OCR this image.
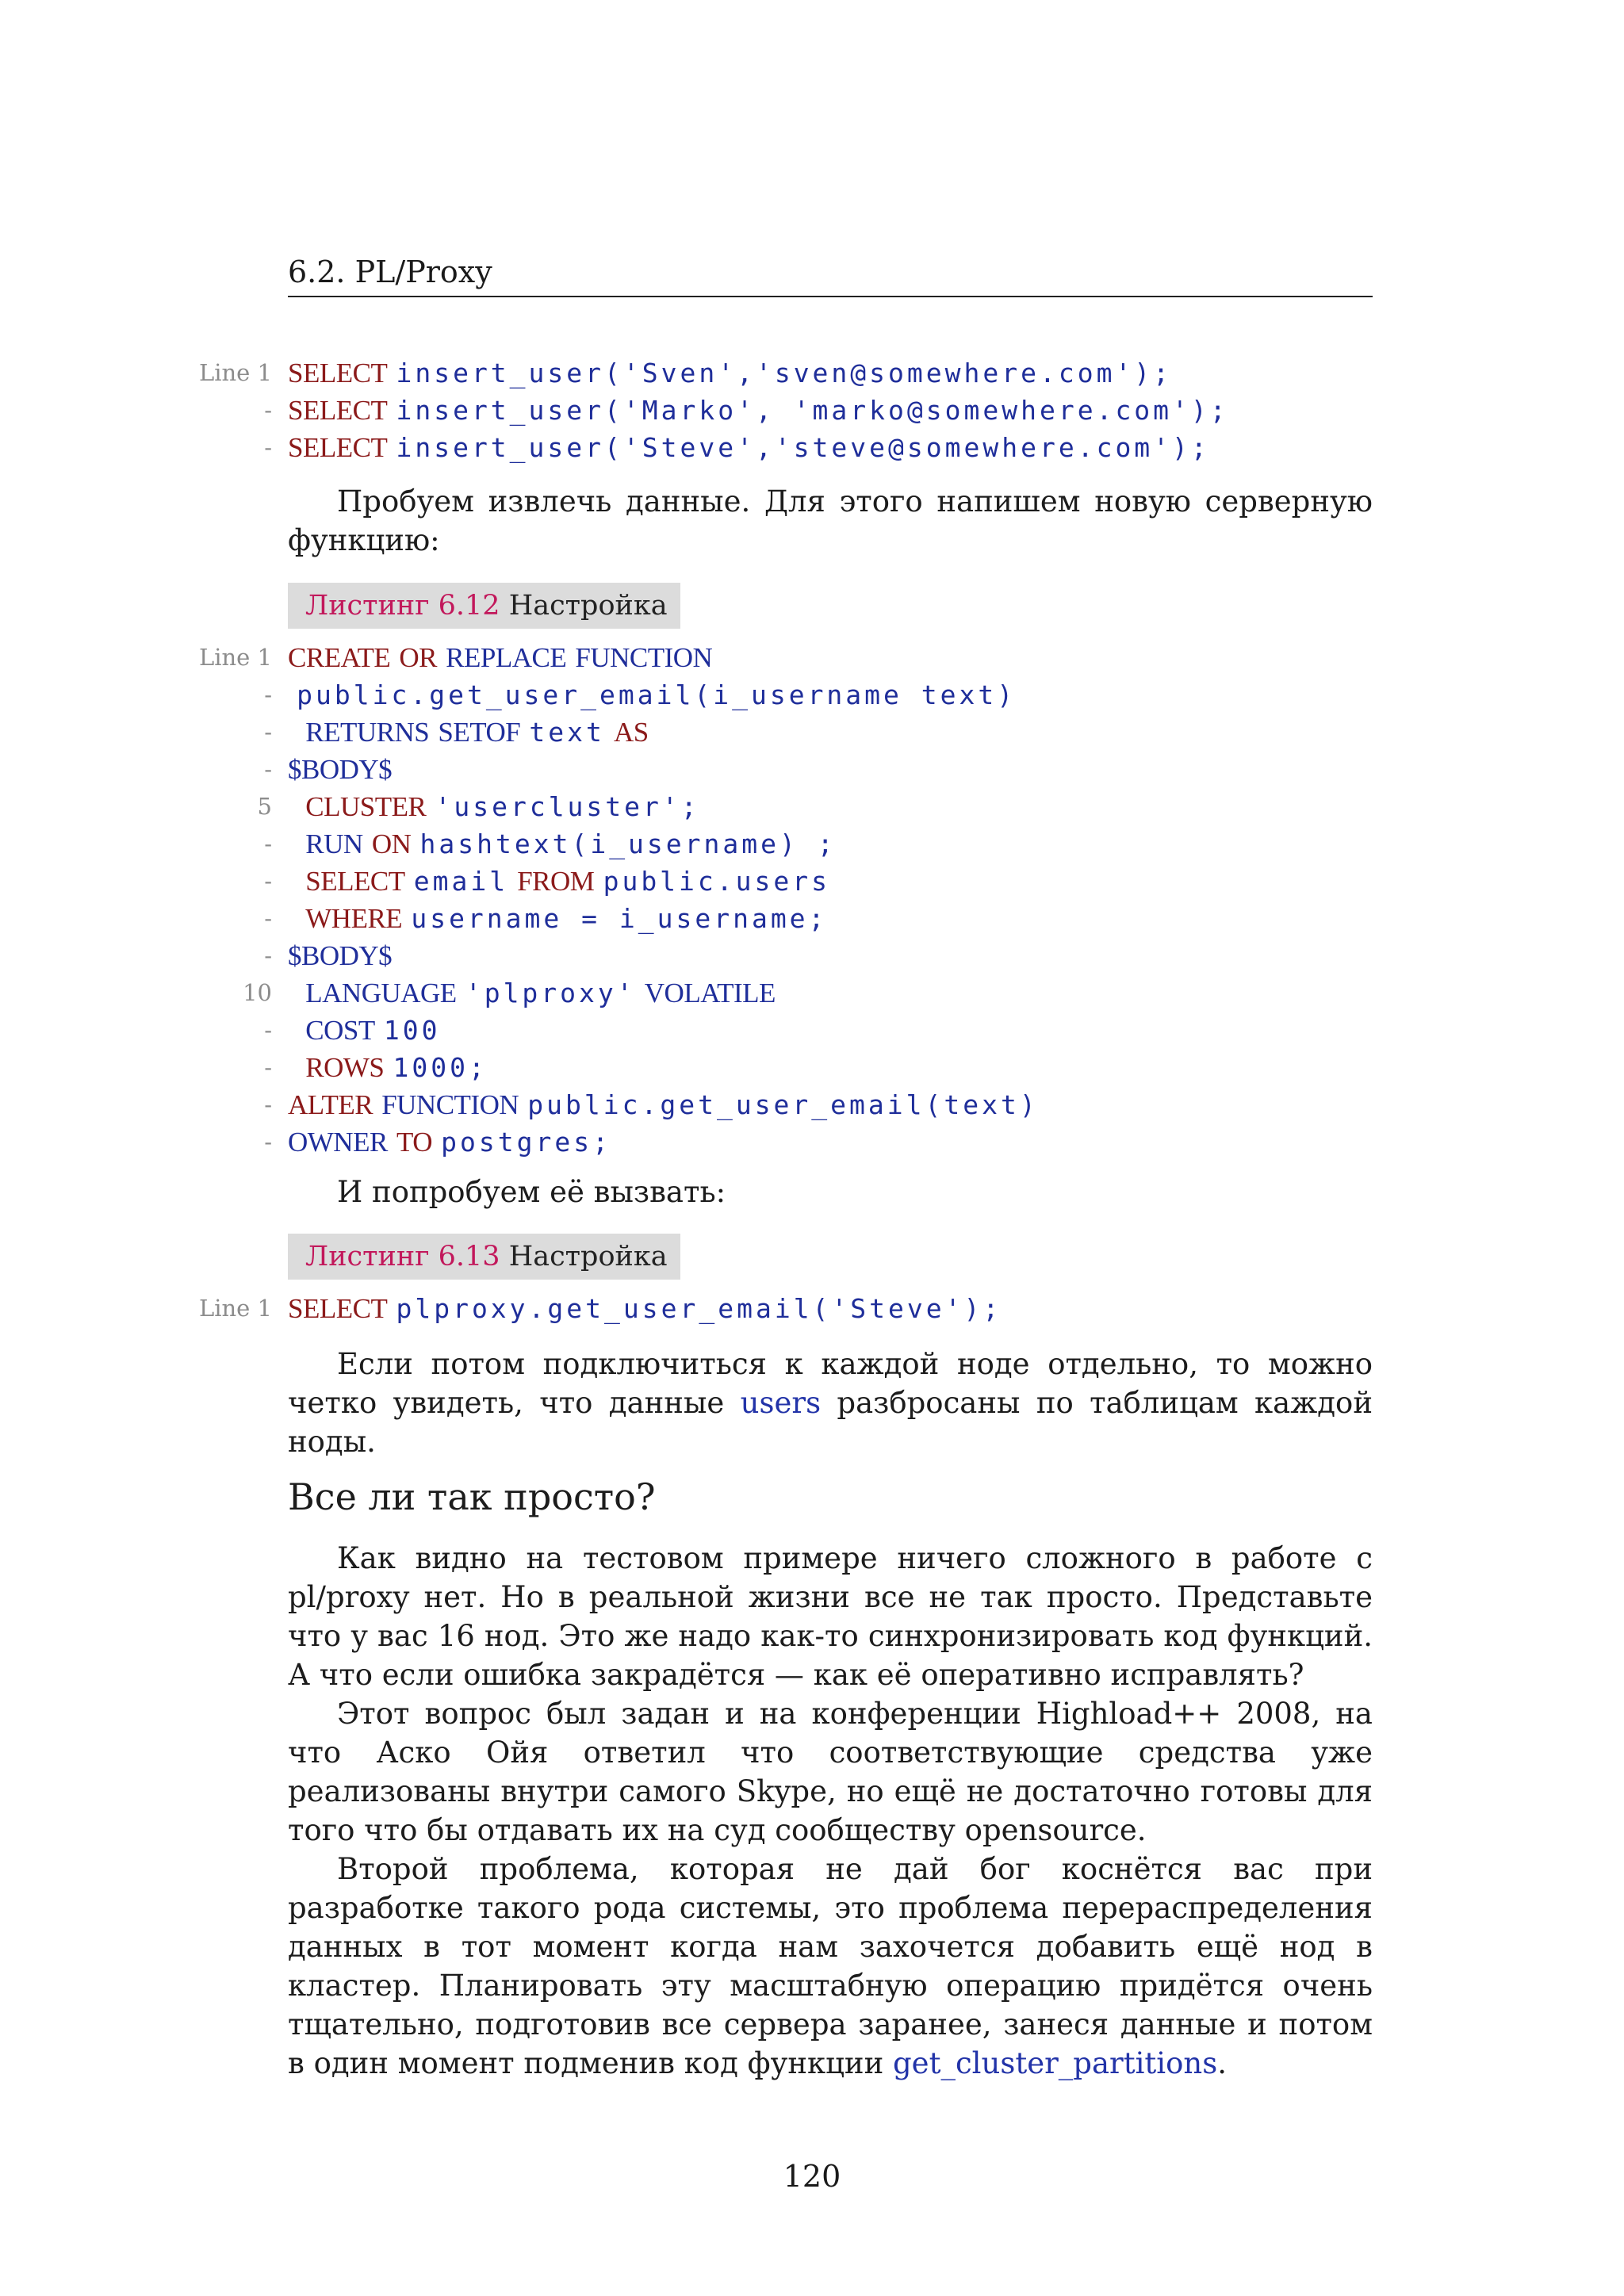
6.2. PL/Proxy
Line 1 SELECT insert_user('Sven','sven@somewhere.com');
- SELECT insert_user('Marko', 'marko@somewhere.com');
- SELECT insert_user('Steve','steve@somewhere.com');

Пробуем извлечь данные. Для этого напишем новую серверную функцию:

Листинг 6.12 Настройка
Line 1 CREATE OR REPLACE FUNCTION
- public.get_user_email(i_username text)
-	RETURNS SETOF text AS
- $BODY$
5	CLUSTER 'usercluster';
-	RUN ON hashtext(i_username) ;
-	SELECT email FROM public.users
-	WHERE username = i_username;
- $BODY$
10	LANGUAGE 'plproxy' VOLATILE
-	COST 100
-	ROWS 1000;
- ALTER FUNCTION public.get_user_email(text)
- OWNER TO postgres;

И попробуем её вызвать:

Листинг 6.13 Настройка
Line 1 SELECT plproxy.get_user_email('Steve');

Если потом подключиться к каждой ноде отдельно, то можно четко увидеть, что данные users разбросаны по таблицам каждой ноды.

Все ли так просто?

Как видно на тестовом примере ничего сложного в работе с pl/proxy нет. Но в реальной жизни все не так просто. Представьте что у вас 16 нод. Это же надо как-то синхронизировать код функций. А что если ошибка закрадётся — как её оперативно исправлять?

Этот вопрос был задан и на конференции Highload++ 2008, на что Аско Ойя ответил что соответствующие средства уже реализованы внутри самого Skype, но ещё не достаточно готовы для того что бы отдавать их на суд сообществу opensource.

Второй проблема, которая не дай бог коснётся вас при разработке такого рода системы, это проблема перераспределения данных в тот момент когда нам захочется добавить ещё нод в кластер. Планировать эту масштабную операцию придётся очень тщательно, подготовив все сервера заранее, занеся данные и потом в один момент подменив код функции get_cluster_partitions.

120
